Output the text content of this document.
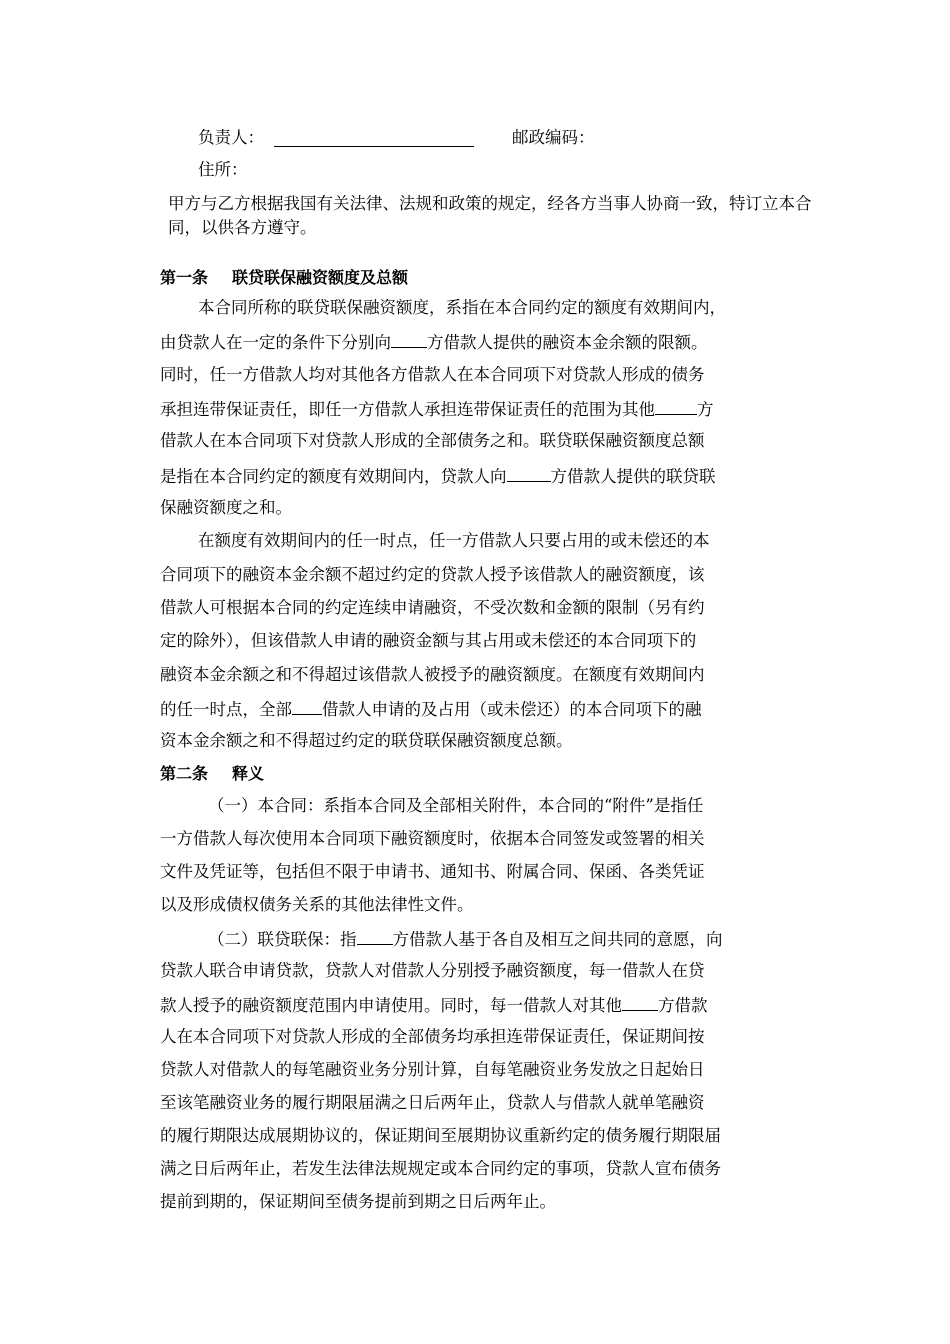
负责人：	邮政编码：
住所：
甲方与乙方根据我国有关法律、法规和政策的规定，经各方当事人协商一致，特订立本合
同，以供各方遵守。
第一条 联贷联保融资额度及总额
本合同所称的联贷联保融资额度，系指在本合同约定的额度有效期间内，
由贷款人在一定的条件下分别向 方借款人提供的融资本金余额的限额。
同时，任一方借款人均对其他各方借款人在本合同项下对贷款人形成的债务
承担连带保证责任，即任一方借款人承担连带保证责任的范围为其他	方
借款人在本合同项下对贷款人形成的全部债务之和。联贷联保融资额度总额
是指在本合同约定的额度有效期间内，贷款人向	方借款人提供的联贷联
保融资额度之和。
在额度有效期间内的任一时点，任一方借款人只要占用的或未偿还的本
合同项下的融资本金余额不超过约定的贷款人授予该借款人的融资额度，该
借款人可根据本合同的约定连续申请融资，不受次数和金额的限制（另有约
定的除外），但该借款人申请的融资金额与其占用或未偿还的本合同项下的
融资本金余额之和不得超过该借款人被授予的融资额度。在额度有效期间内
的任一时点，全部 借款人申请的及占用（或未偿还）的本合同项下的融
资本金余额之和不得超过约定的联贷联保融资额度总额。
第二条 释义
（一）本合同：系指本合同及全部相关附件，本合同的“附件”是指任
一方借款人每次使用本合同项下融资额度时，依据本合同签发或签署的相关
文件及凭证等，包括但不限于申请书、通知书、附属合同、保函、各类凭证
以及形成债权债务关系的其他法律性文件。
（二）联贷联保：指 方借款人基于各自及相互之间共同的意愿，向
贷款人联合申请贷款，贷款人对借款人分别授予融资额度，每一借款人在贷
款人授予的融资额度范围内申请使用。同时，每一借款人对其他 方借款
人在本合同项下对贷款人形成的全部债务均承担连带保证责任，保证期间按
贷款人对借款人的每笔融资业务分别计算，自每笔融资业务发放之日起始日
至该笔融资业务的履行期限届满之日后两年止，贷款人与借款人就单笔融资
的履行期限达成展期协议的，保证期间至展期协议重新约定的债务履行期限届
满之日后两年止，若发生法律法规规定或本合同约定的事项，贷款人宣布债务
提前到期的，保证期间至债务提前到期之日后两年止。
